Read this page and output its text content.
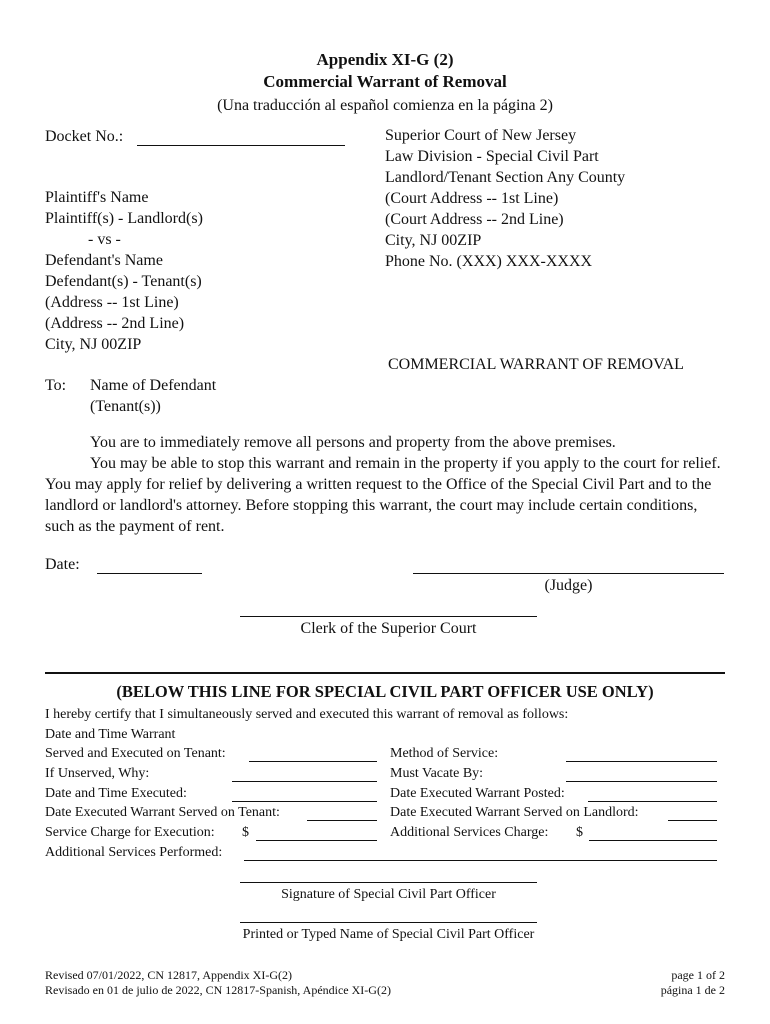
Appendix XI-G (2)
Commercial Warrant of Removal
(Una traducción al español comienza en la página 2)
Docket No.:	Superior Court of New Jersey
Law Division - Special Civil Part
Landlord/Tenant Section Any County
(Court Address -- 1st Line)
(Court Address -- 2nd Line)
City, NJ 00ZIP
Phone No. (XXX) XXX-XXXX
Plaintiff's Name
Plaintiff(s) - Landlord(s)
- vs -
Defendant's Name
Defendant(s) - Tenant(s)
(Address -- 1st Line)
(Address -- 2nd Line)
City, NJ 00ZIP
COMMERCIAL WARRANT OF REMOVAL
To: Name of Defendant
(Tenant(s))

You are to immediately remove all persons and property from the above premises.

You may be able to stop this warrant and remain in the property if you apply to the court for relief. You may apply for relief by delivering a written request to the Office of the Special Civil Part and to the landlord or landlord's attorney. Before stopping this warrant, the court may include certain conditions, such as the payment of rent.

Date:
(Judge)
Clerk of the Superior Court
(BELOW THIS LINE FOR SPECIAL CIVIL PART OFFICER USE ONLY)
I hereby certify that I simultaneously served and executed this warrant of removal as follows:
Date and Time Warrant
Served and Executed on Tenant:
If Unserved, Why:
Date and Time Executed:
Date Executed Warrant Served on Tenant:
Service Charge for Execution: $
Additional Services Performed:
Method of Service:
Must Vacate By:
Date Executed Warrant Posted:
Date Executed Warrant Served on Landlord:
Additional Services Charge: $
Signature of Special Civil Part Officer
Printed or Typed Name of Special Civil Part Officer
Revised 07/01/2022, CN 12817, Appendix XI-G(2)
Revisado en 01 de julio de 2022, CN 12817-Spanish, Apéndice XI-G(2)
page 1 of 2
página 1 de 2
